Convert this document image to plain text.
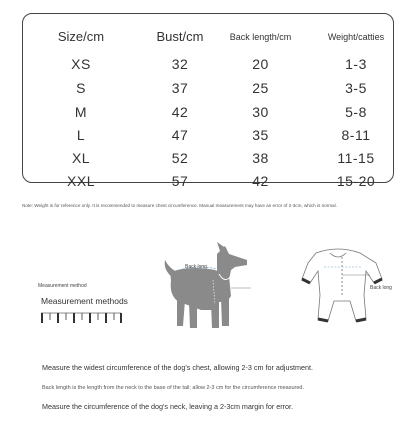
Size/cm	Bust/cm	Back length/cm	Weight/catties
XS	32	20	1-3
S	37	25	3-5
M	42	30	5-8
L	47	35	8-11
XL	52	38	11-15
XXL	57	42	15-20
Note: Weight is for reference only. It is recommended to measure chest circumference. Manual measurement may have an error of 2-3cm, which is normal.
Measurement method
Measurement methods
Back long
Back long
Measure the widest circumference of the dog's chest, allowing 2-3 cm for adjustment.
Back length is the length from the neck to the base of the tail; allow 2-3 cm for the circumference measured.
Measure the circumference of the dog's neck, leaving a 2-3cm margin for error.
